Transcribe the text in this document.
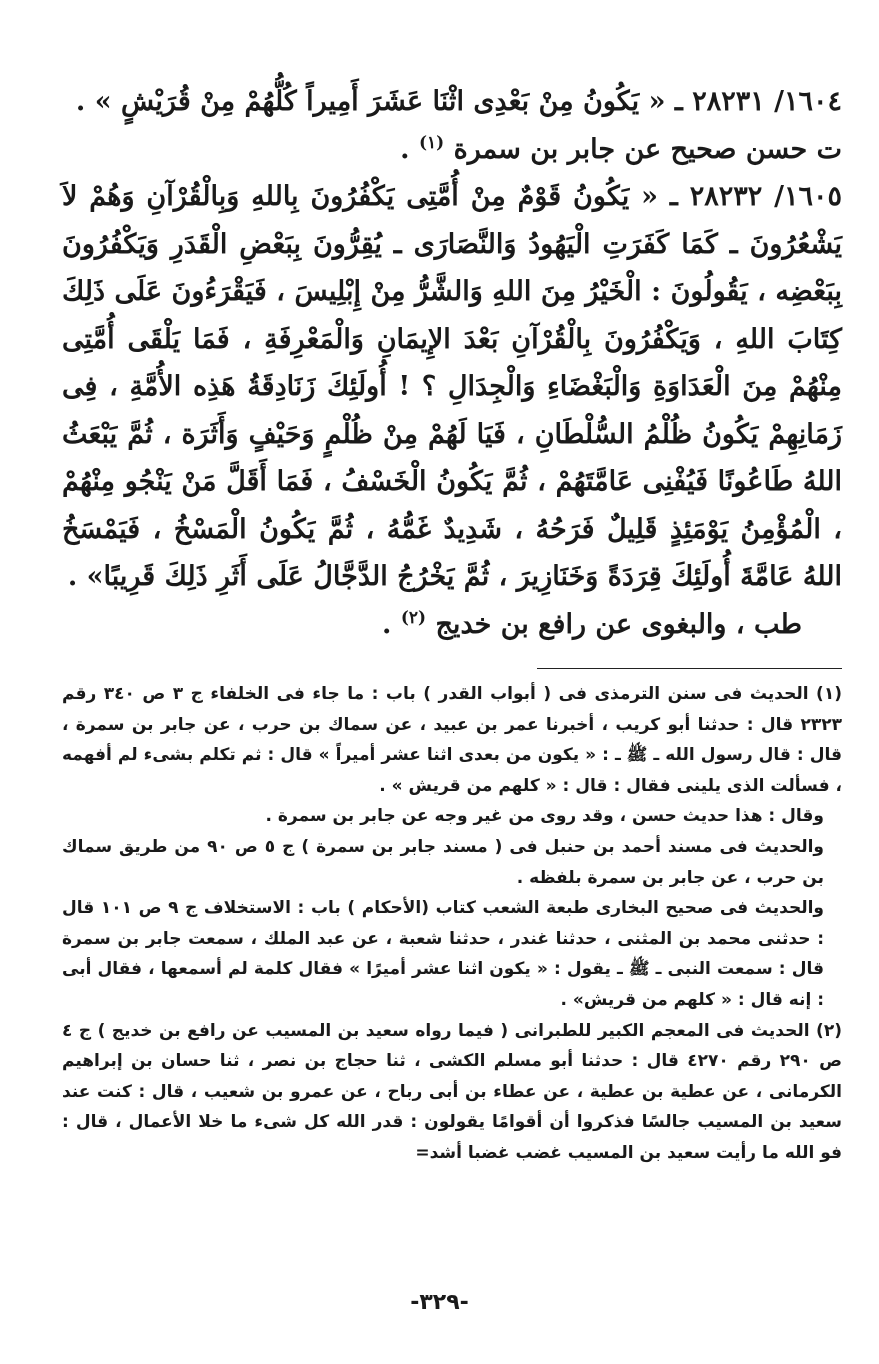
١٦٠٤/ ٢٨٢٣١ ـ « يَكُونُ مِنْ بَعْدِى اثْنَا عَشَرَ أَمِيراً كُلُّهُمْ مِنْ قُرَيْشٍ » .

ت حسن صحيح عن جابر بن سمرة $^{(١)}$ .

١٦٠٥/ ٢٨٢٣٢ ـ « يَكُونُ قَوْمٌ مِنْ أُمَّتِى يَكْفُرُونَ بِاللهِ وَبِالْقُرْآنِ وَهُمْ لاَ يَشْعُرُونَ ـ كَمَا كَفَرَتِ الْيَهُودُ وَالنَّصَارَى ـ يُقِرُّونَ بِبَعْضِ الْقَدَرِ وَيَكْفُرُونَ بِبَعْضِه ، يَقُولُونَ : الْخَيْرُ مِنَ اللهِ وَالشَّرُّ مِنْ إِبْلِيسَ ، فَيَقْرَءُونَ عَلَى ذَلِكَ كِتَابَ اللهِ ، وَيَكْفُرُونَ بِالْقُرْآنِ بَعْدَ الإِيمَانِ وَالْمَعْرِفَةِ ، فَمَا يَلْقَى أُمَّتِى مِنْهُمْ مِنَ الْعَدَاوَةِ وَالْبَغْضَاءِ وَالْجِدَالِ ؟ ! أُولَئِكَ زَنَادِقَةُ هَذِه الأُمَّةِ ، فِى زَمَانِهِمْ يَكُونُ ظُلْمُ السُّلْطَانِ ، فَيَا لَهُمْ مِنْ ظُلْمٍ وَحَيْفٍ وَأَثَرَة ، ثُمَّ يَبْعَثُ اللهُ طَاعُونًا فَيُفْنِى عَامَّتَهُمْ ، ثُمَّ يَكُونُ الْخَسْفُ ، فَمَا أَقَلَّ مَنْ يَنْجُو مِنْهُمْ ، الْمُؤْمِنُ يَوْمَئِذٍ قَلِيلٌ فَرَحُهُ ، شَدِيدٌ غَمُّهُ ، ثُمَّ يَكُونُ الْمَسْخُ ، فَيَمْسَخُ اللهُ عَامَّةَ أُولَئِكَ قِرَدَةً وَخَنَازِيرَ ، ثُمَّ يَخْرُجُ الدَّجَّالُ عَلَى أَثَرِ ذَلِكَ قَرِيبًا» .

طب ، والبغوى عن رافع بن خديج $^{(٢)}$ .

(١) الحديث فى سنن الترمذى فى ( أبواب القدر ) باب : ما جاء فى الخلفاء ج ٣ ص ٣٤٠ رقم ٢٣٢٣ قال : حدثنا أبو كريب ، أخبرنا عمر بن عبيد ، عن سماك بن حرب ، عن جابر بن سمرة ، قال : قال رسول الله ـ ﷺ ـ : « يكون من بعدى اثنا عشر أميراً » قال : ثم تكلم بشىء لم أفهمه ، فسألت الذى يلينى فقال : قال : « كلهم من قريش » .

وقال : هذا حديث حسن ، وقد روى من غير وجه عن جابر بن سمرة .

والحديث فى مسند أحمد بن حنبل فى ( مسند جابر بن سمرة ) ج ٥ ص ٩٠ من طريق سماك بن حرب ، عن جابر بن سمرة بلفظه .

والحديث فى صحيح البخارى طبعة الشعب كتاب (الأحكام ) باب : الاستخلاف ج ٩ ص ١٠١ قال : حدثنى محمد بن المثنى ، حدثنا غندر ، حدثنا شعبة ، عن عبد الملك ، سمعت جابر بن سمرة قال : سمعت النبى ـ ﷺ ـ يقول : « يكون اثنا عشر أميرًا » فقال كلمة لم أسمعها ، فقال أبى : إنه قال : « كلهم من قريش» .

(٢) الحديث فى المعجم الكبير للطبرانى ( فيما رواه سعيد بن المسيب عن رافع بن خديج ) ج ٤ ص ٢٩٠ رقم ٤٢٧٠ قال : حدثنا أبو مسلم الكشى ، ثنا حجاج بن نصر ، ثنا حسان بن إبراهيم الكرمانى ، عن عطية بن عطية ، عن عطاء بن أبى رباح ، عن عمرو بن شعيب ، قال : كنت عند سعيد بن المسيب جالسًا فذكروا أن أقوامًا يقولون : قدر الله كل شىء ما خلا الأعمال ، قال : فو الله ما رأيت سعيد بن المسيب غضب غضبا أشد=

-٣٢٩-
